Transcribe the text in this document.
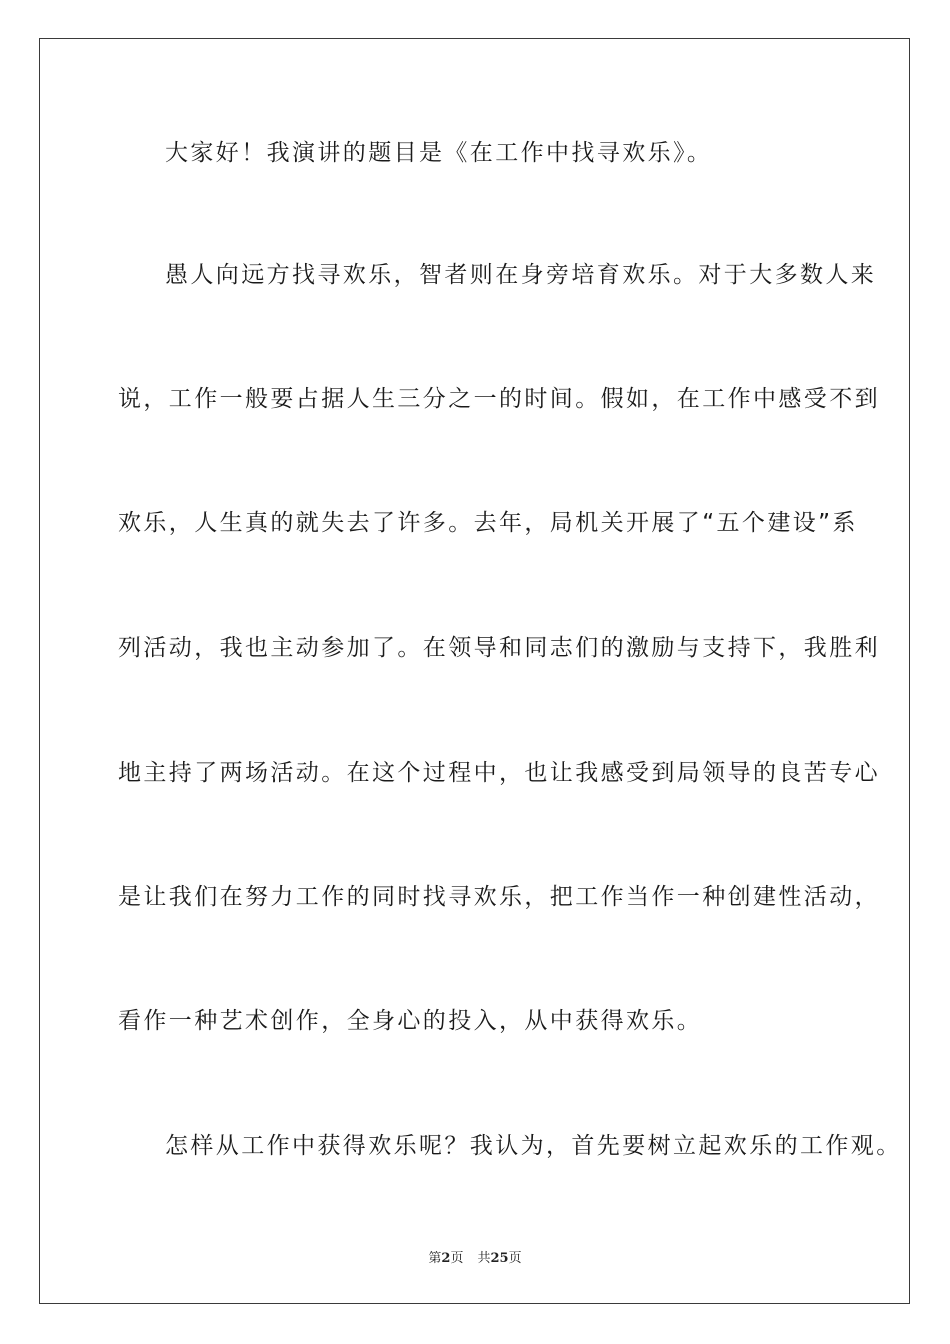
大家好！我演讲的题目是《在工作中找寻欢乐》。
愚人向远方找寻欢乐，智者则在身旁培育欢乐。对于大多数人来
说，工作一般要占据人生三分之一的时间。假如，在工作中感受不到
欢乐，人生真的就失去了许多。去年，局机关开展了“五个建设”系
列活动，我也主动参加了。在领导和同志们的激励与支持下，我胜利
地主持了两场活动。在这个过程中，也让我感受到局领导的良苦专心
是让我们在努力工作的同时找寻欢乐，把工作当作一种创建性活动，
看作一种艺术创作，全身心的投入，从中获得欢乐。
怎样从工作中获得欢乐呢？我认为，首先要树立起欢乐的工作观。
第2页 共25页
